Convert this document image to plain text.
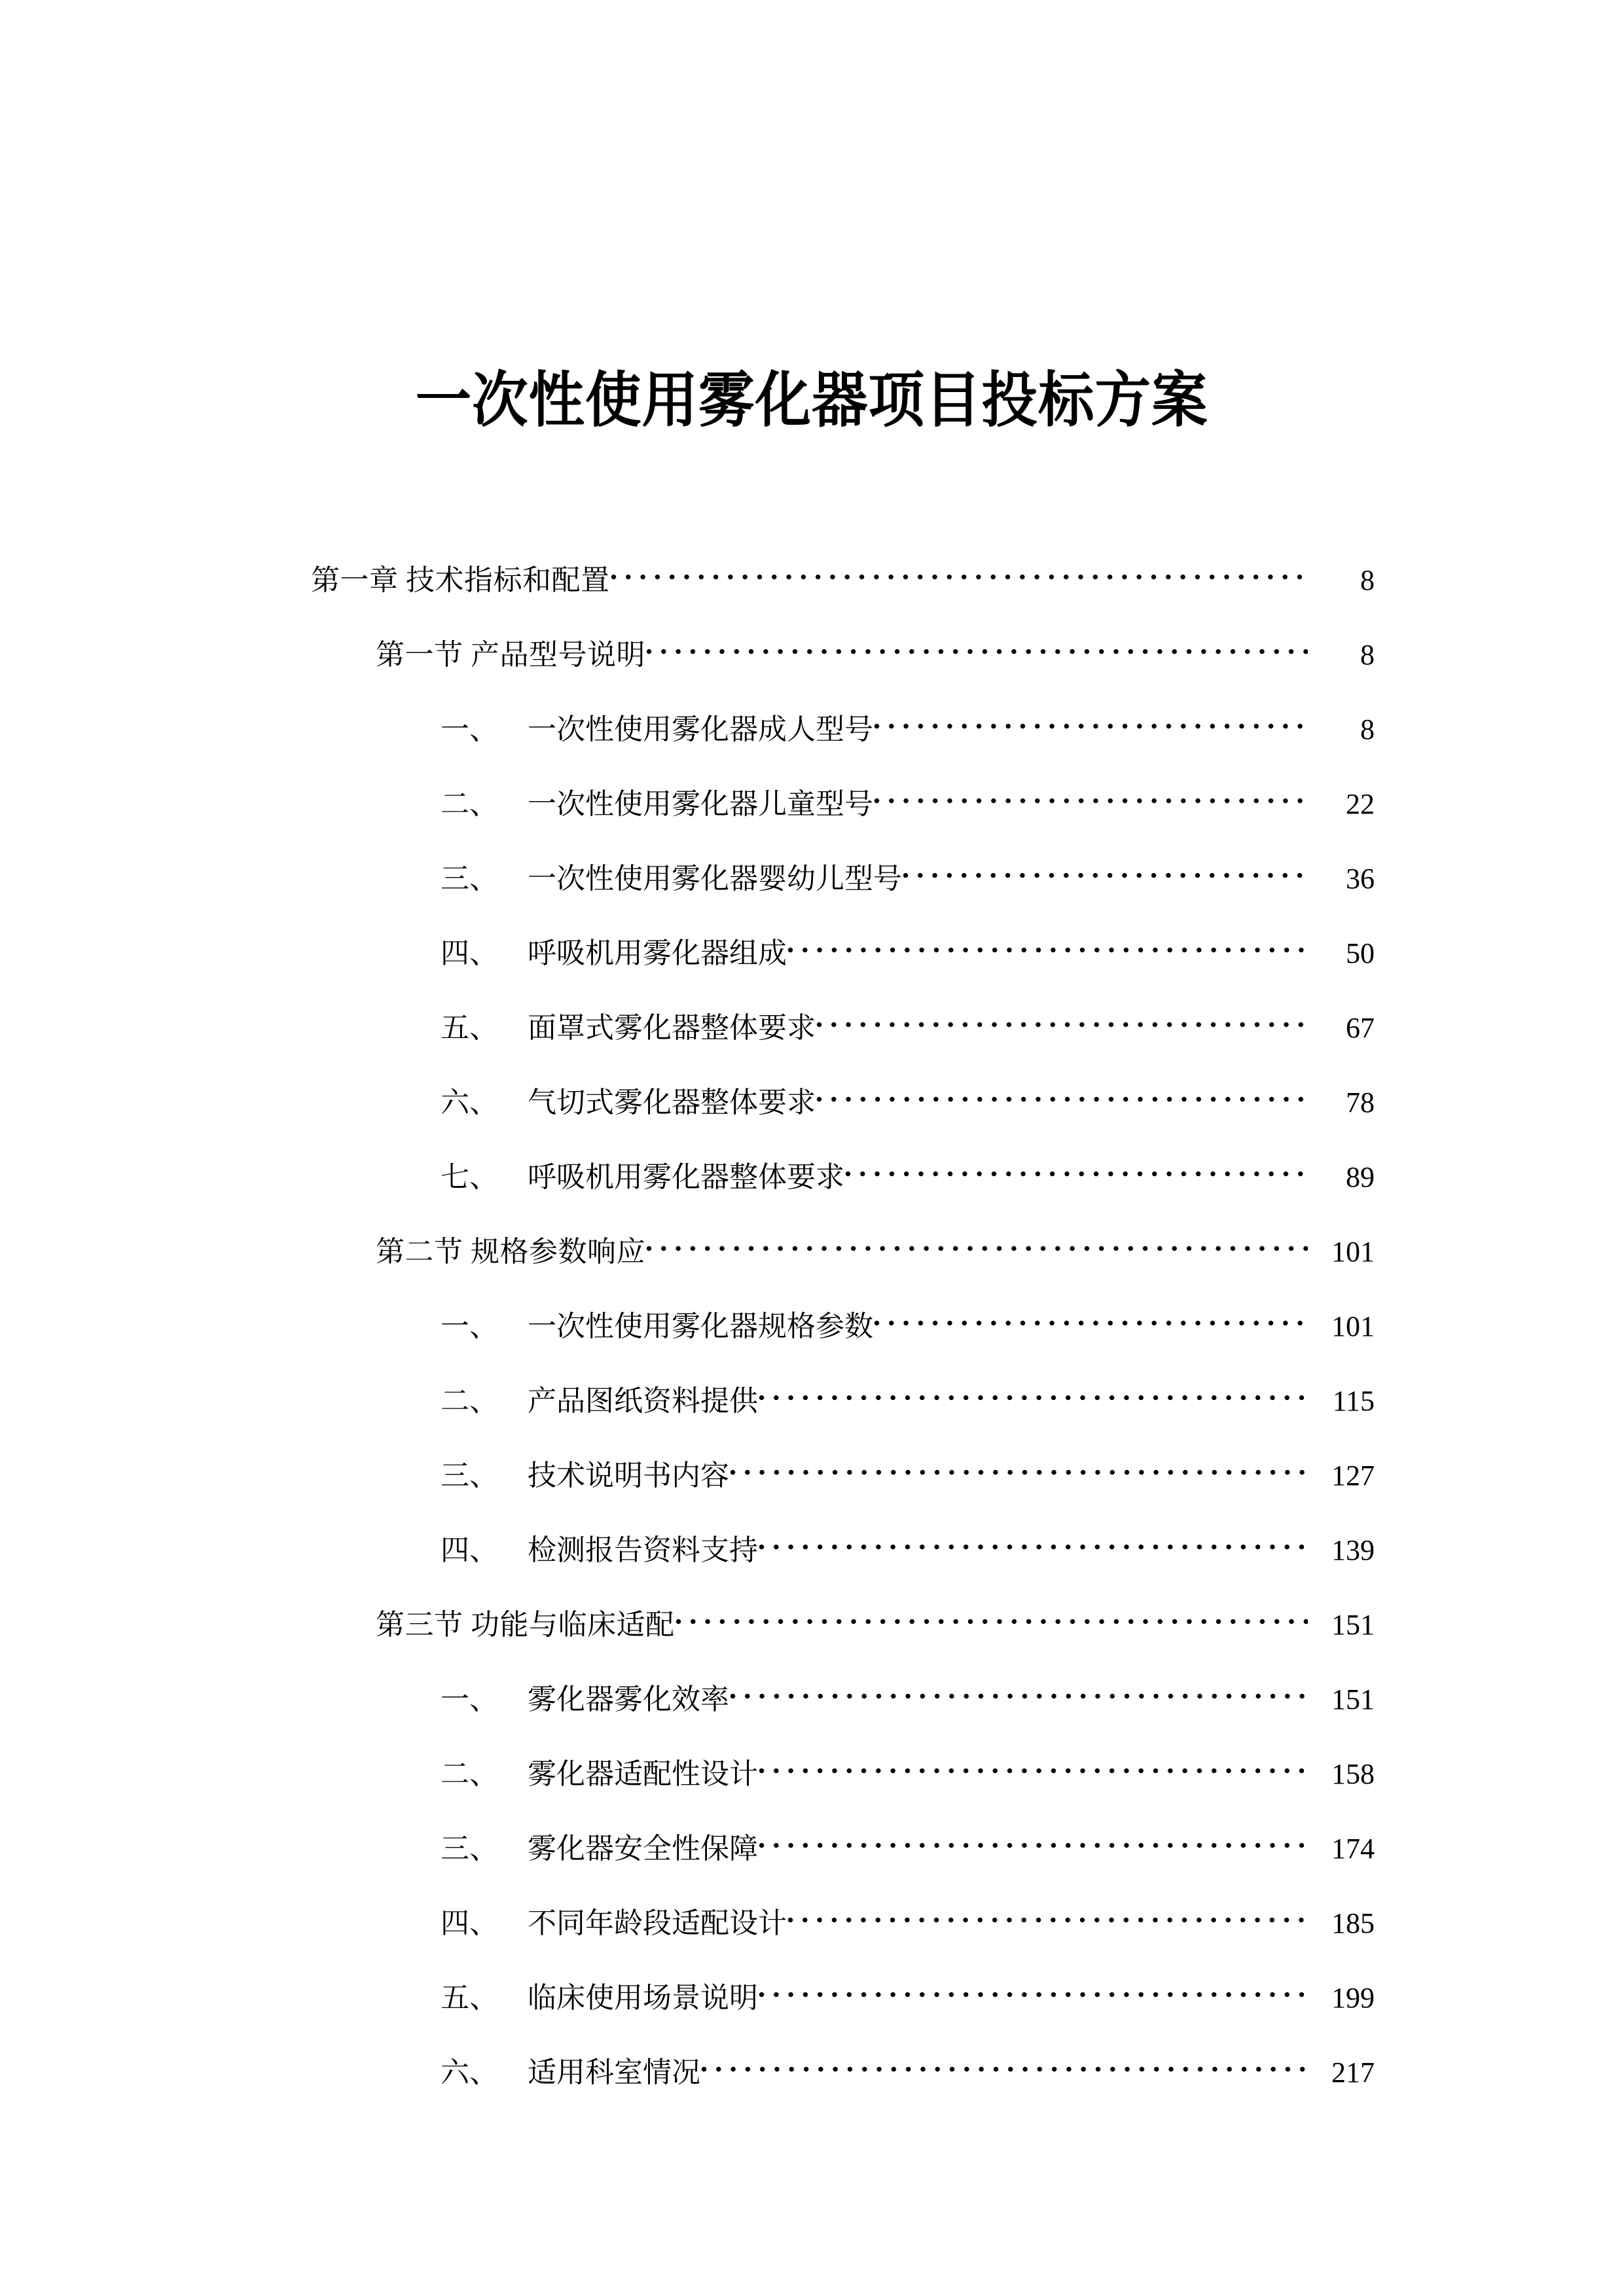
一次性使用雾化器项目投标方案
第一章 技术指标和配置	8
第一节 产品型号说明	8
一、 一次性使用雾化器成人型号	8
二、 一次性使用雾化器儿童型号	22
三、 一次性使用雾化器婴幼儿型号	36
四、 呼吸机用雾化器组成	50
五、 面罩式雾化器整体要求	67
六、 气切式雾化器整体要求	78
七、 呼吸机用雾化器整体要求	89
第二节 规格参数响应	101
一、 一次性使用雾化器规格参数	101
二、 产品图纸资料提供	115
三、 技术说明书内容	127
四、 检测报告资料支持	139
第三节 功能与临床适配	151
一、 雾化器雾化效率	151
二、 雾化器适配性设计	158
三、 雾化器安全性保障	174
四、 不同年龄段适配设计	185
五、 临床使用场景说明	199
六、 适用科室情况	217
